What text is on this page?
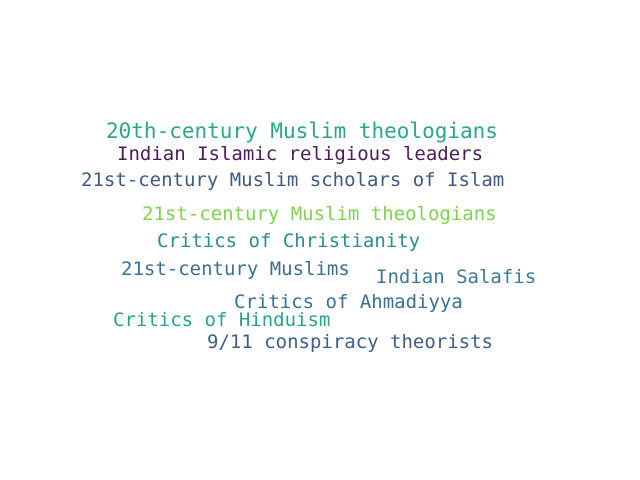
20th-century Muslim theologians
Indian Islamic religious leaders
21st-century Muslim scholars of Islam
21st-century Muslim theologians
Critics of Christianity
21st-century Muslims Indian Salafis
Critics of Ahmadiyya
Critics of Hinduism
9/11 conspiracy theorists
